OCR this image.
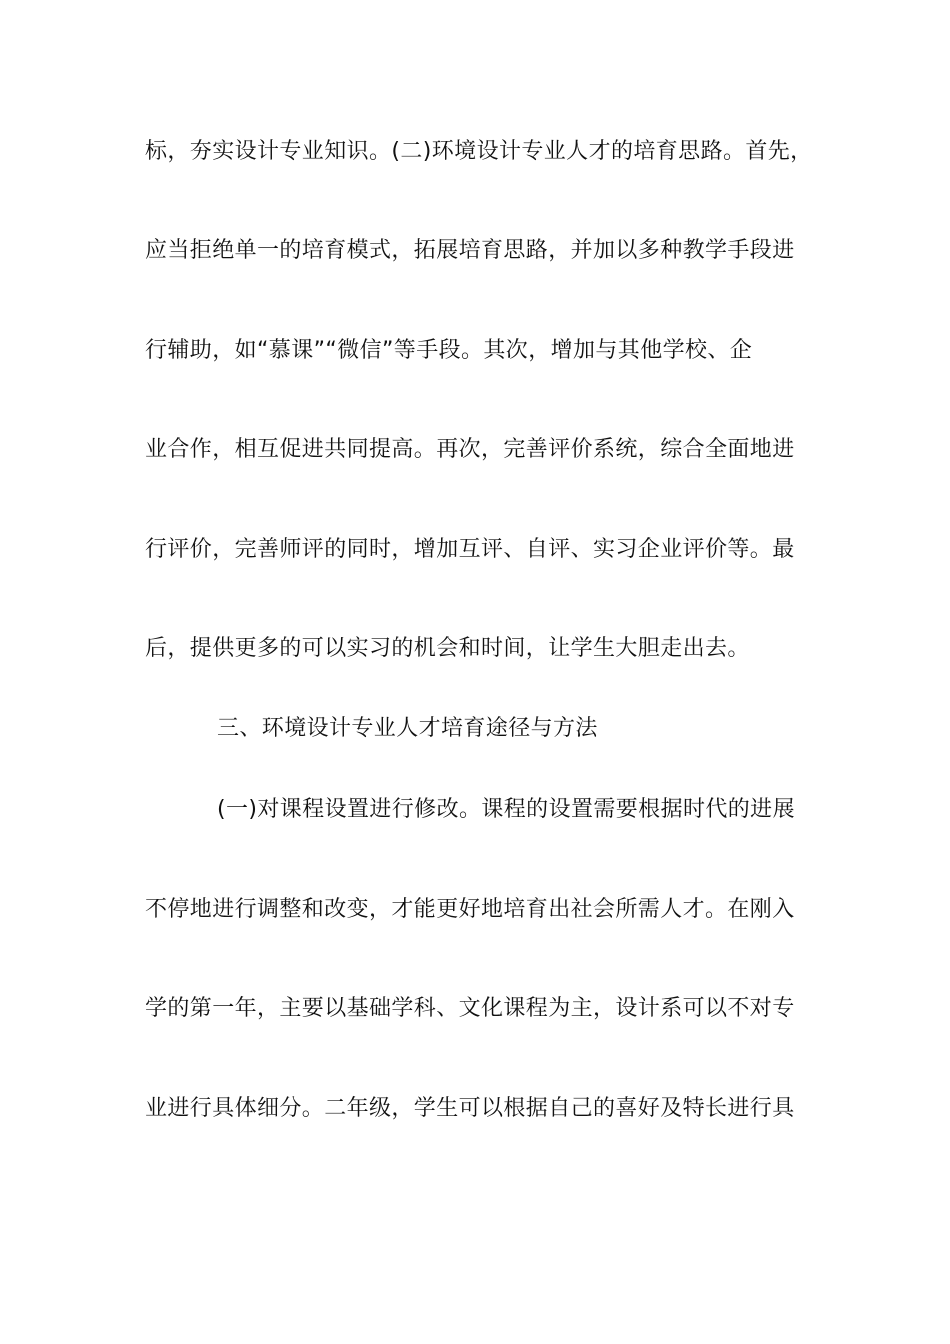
标，夯实设计专业知识。(二)环境设计专业人才的培育思路。首先，
应当拒绝单一的培育模式，拓展培育思路，并加以多种教学手段进
行辅助，如“慕课”“微信”等手段。其次，增加与其他学校、企
业合作，相互促进共同提高。再次，完善评价系统，综合全面地进
行评价，完善师评的同时，增加互评、自评、实习企业评价等。最
后，提供更多的可以实习的机会和时间，让学生大胆走出去。
三、环境设计专业人才培育途径与方法
(一)对课程设置进行修改。课程的设置需要根据时代的进展
不停地进行调整和改变，才能更好地培育出社会所需人才。在刚入
学的第一年，主要以基础学科、文化课程为主，设计系可以不对专
业进行具体细分。二年级，学生可以根据自己的喜好及特长进行具
